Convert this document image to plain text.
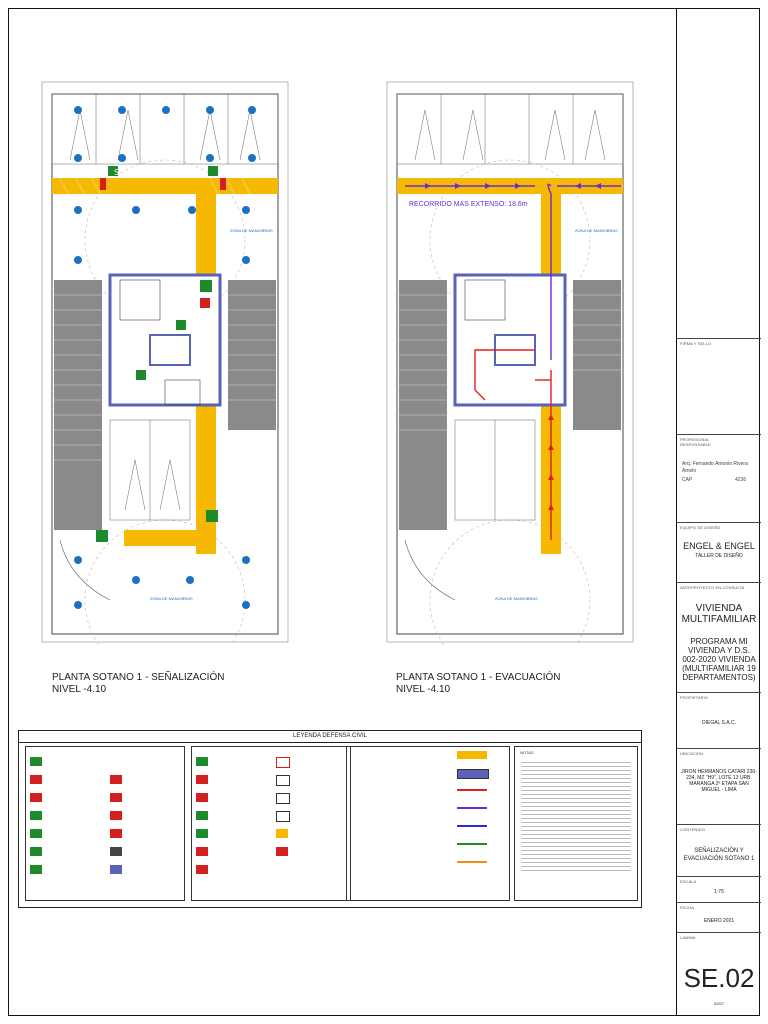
S
ZONA DE MANIOBRAS
ZONA DE MANIOBRAS
PLANTA SOTANO 1 - SEÑALIZACIÓN
NIVEL -4.10
RECORRIDO MAS EXTENSO: 18.6m
ZONA DE MANIOBRAS
ZONA DE MANIOBRAS
PLANTA SOTANO 1 - EVACUACIÓN
NIVEL -4.10
LEYENDA DEFENSA CIVIL
NOTAS
FIRMA Y SELLO
PROFESIONAL RESPONSABLE
Arq. Fernando Antonio Rivera Amelo
CAP	4236
EQUIPO DE DISEÑO
ENGEL & ENGEL
TALLER DE DISEÑO
ANTEPROYECTO EN CONSULTA
VIVIENDA MULTIFAMILIAR
PROGRAMA MI VIVIENDA Y D.S. 002-2020 VIVIENDA (MULTIFAMILIAR 19 DEPARTAMENTOS)
PROPIETARIO
DIEGAL S.A.C.
UBICACION
JIRON HERMANOS CATARI 230-234, MZ "H9", LOTE 13 URB. MARANGA 2ª ETAPA SAN MIGUEL - LIMA
CONTENIDO
SEÑALIZACIÓN Y EVACUACIÓN SOTANO 1
ESCALA
1:75
FECHA
ENERO 2021
LAMINA
SE.02
02/07
